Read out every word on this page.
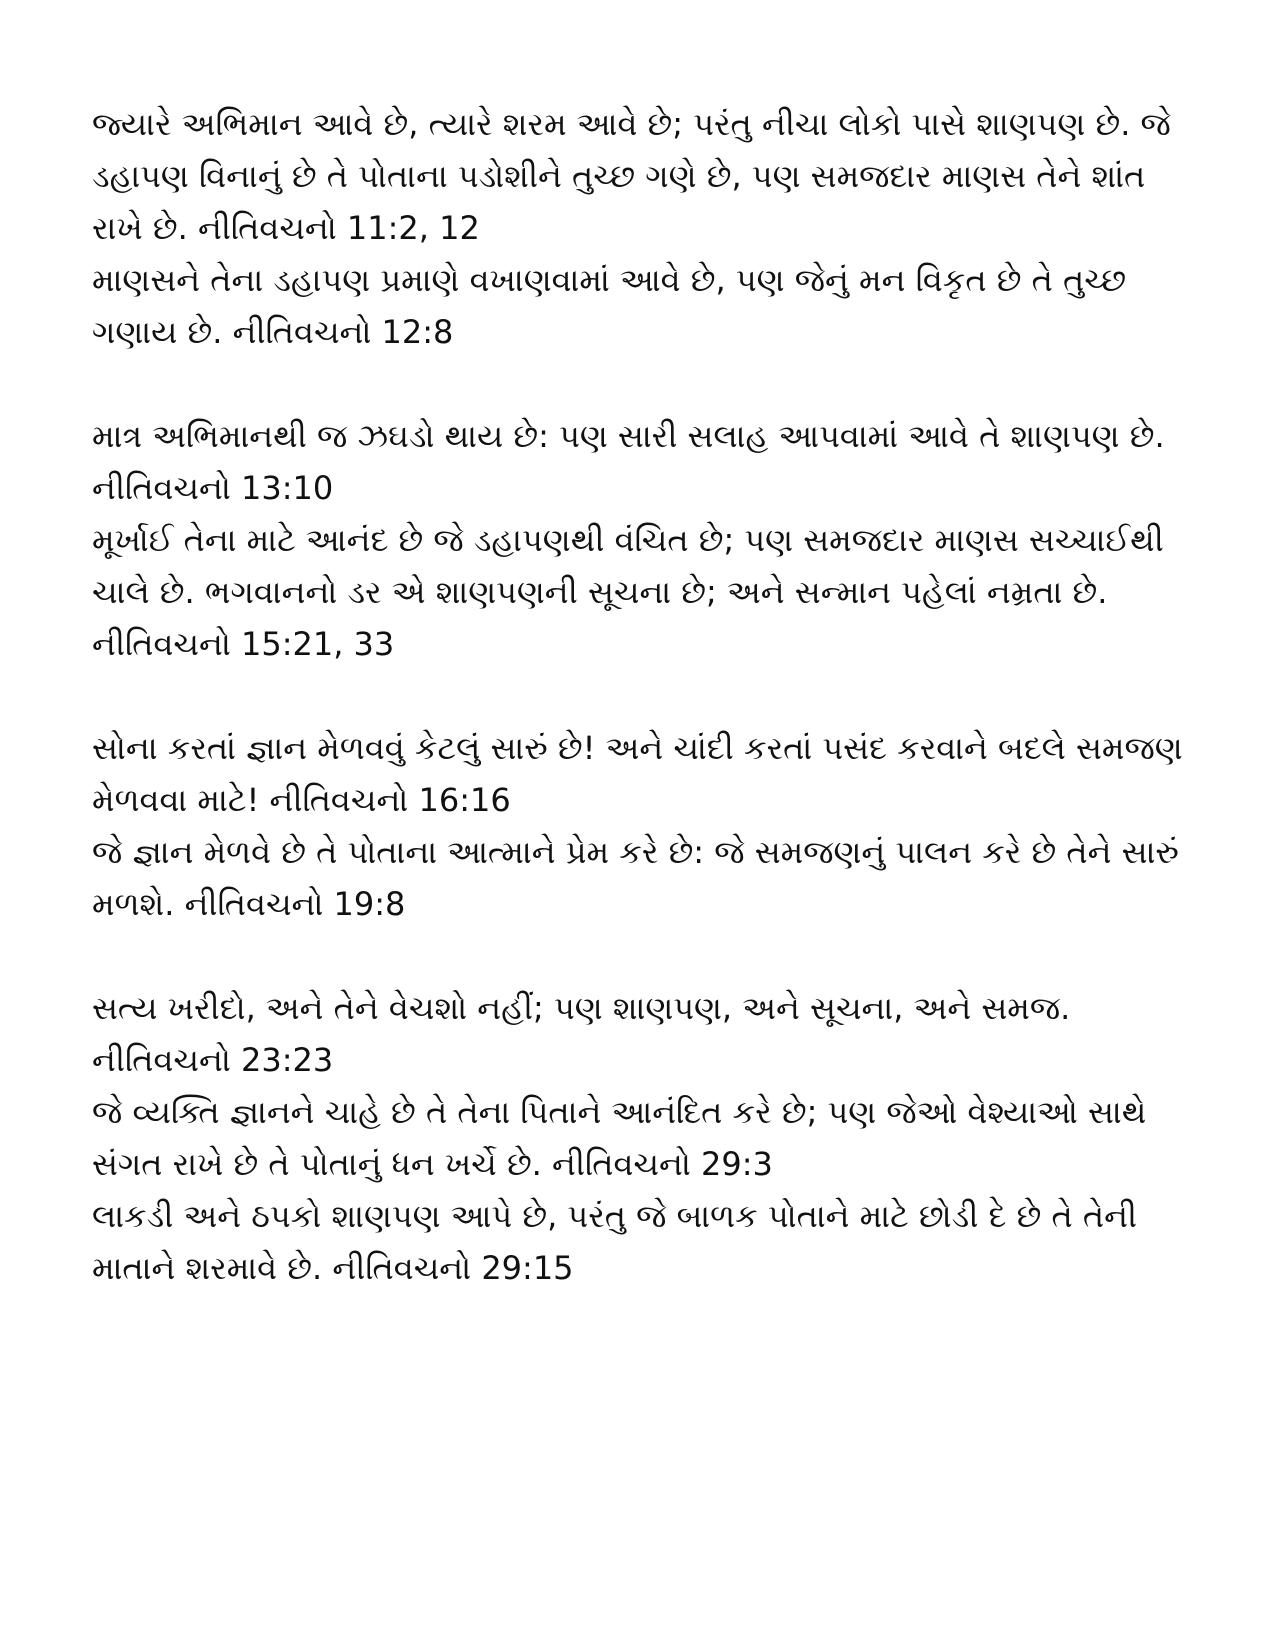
જ્યારે અભિમાન આવે છે, ત્યારે શરમ આવે છે; પરંતુ નીચા લોકો પાસે શાણપણ છે. જે ડહાપણ વિનાનું છે તે પોતાના પડોશીને તુચ્છ ગણે છે, પણ સમજદાર માણસ તેને શાંત રાખે છે. નીતિવચનો 11:2, 12

માણસને તેના ડહાપણ પ્રમાણે વખાણવામાં આવે છે, પણ જેનું મન વિકૃત છે તે તુચ્છ ગણાય છે. નીતિવચનો 12:8

માત્ર અભિમાનથી જ ઝઘડો થાય છે: પણ સારી સલાહ આપવામાં આવે તે શાણપણ છે. નીતિવચનો 13:10

મૂર્ખાઈ તેના માટે આનંદ છે જે ડહાપણથી વંચિત છે; પણ સમજદાર માણસ સચ્ચાઈથી ચાલે છે. ભગવાનનો ડર એ શાણપણની સૂચના છે; અને સન્માન પહેલાં નમ્રતા છે. નીતિવચનો 15:21, 33

સોના કરતાં જ્ઞાન મેળવવું કેટલું સારું છે! અને ચાંદી કરતાં પસંદ કરવાને બદલે સમજણ મેળવવા માટે! નીતિવચનો 16:16

જે જ્ઞાન મેળવે છે તે પોતાના આત્માને પ્રેમ કરે છે: જે સમજણનું પાલન કરે છે તેને સારું મળશે. નીતિવચનો 19:8

સત્ય ખરીદો, અને તેને વેચશો નહીં; પણ શાણપણ, અને સૂચના, અને સમજ. નીતિવચનો 23:23

જે વ્યક્તિ જ્ઞાનને ચાહે છે તે તેના પિતાને આનંદિત કરે છે; પણ જેઓ વેશ્યાઓ સાથે સંગત રાખે છે તે પોતાનું ધન ખર્ચે છે. નીતિવચનો 29:3

લાકડી અને ઠપકો શાણપણ આપે છે, પરંતુ જે બાળક પોતાને માટે છોડી દે છે તે તેની માતાને શરમાવે છે. નીતિવચનો 29:15
